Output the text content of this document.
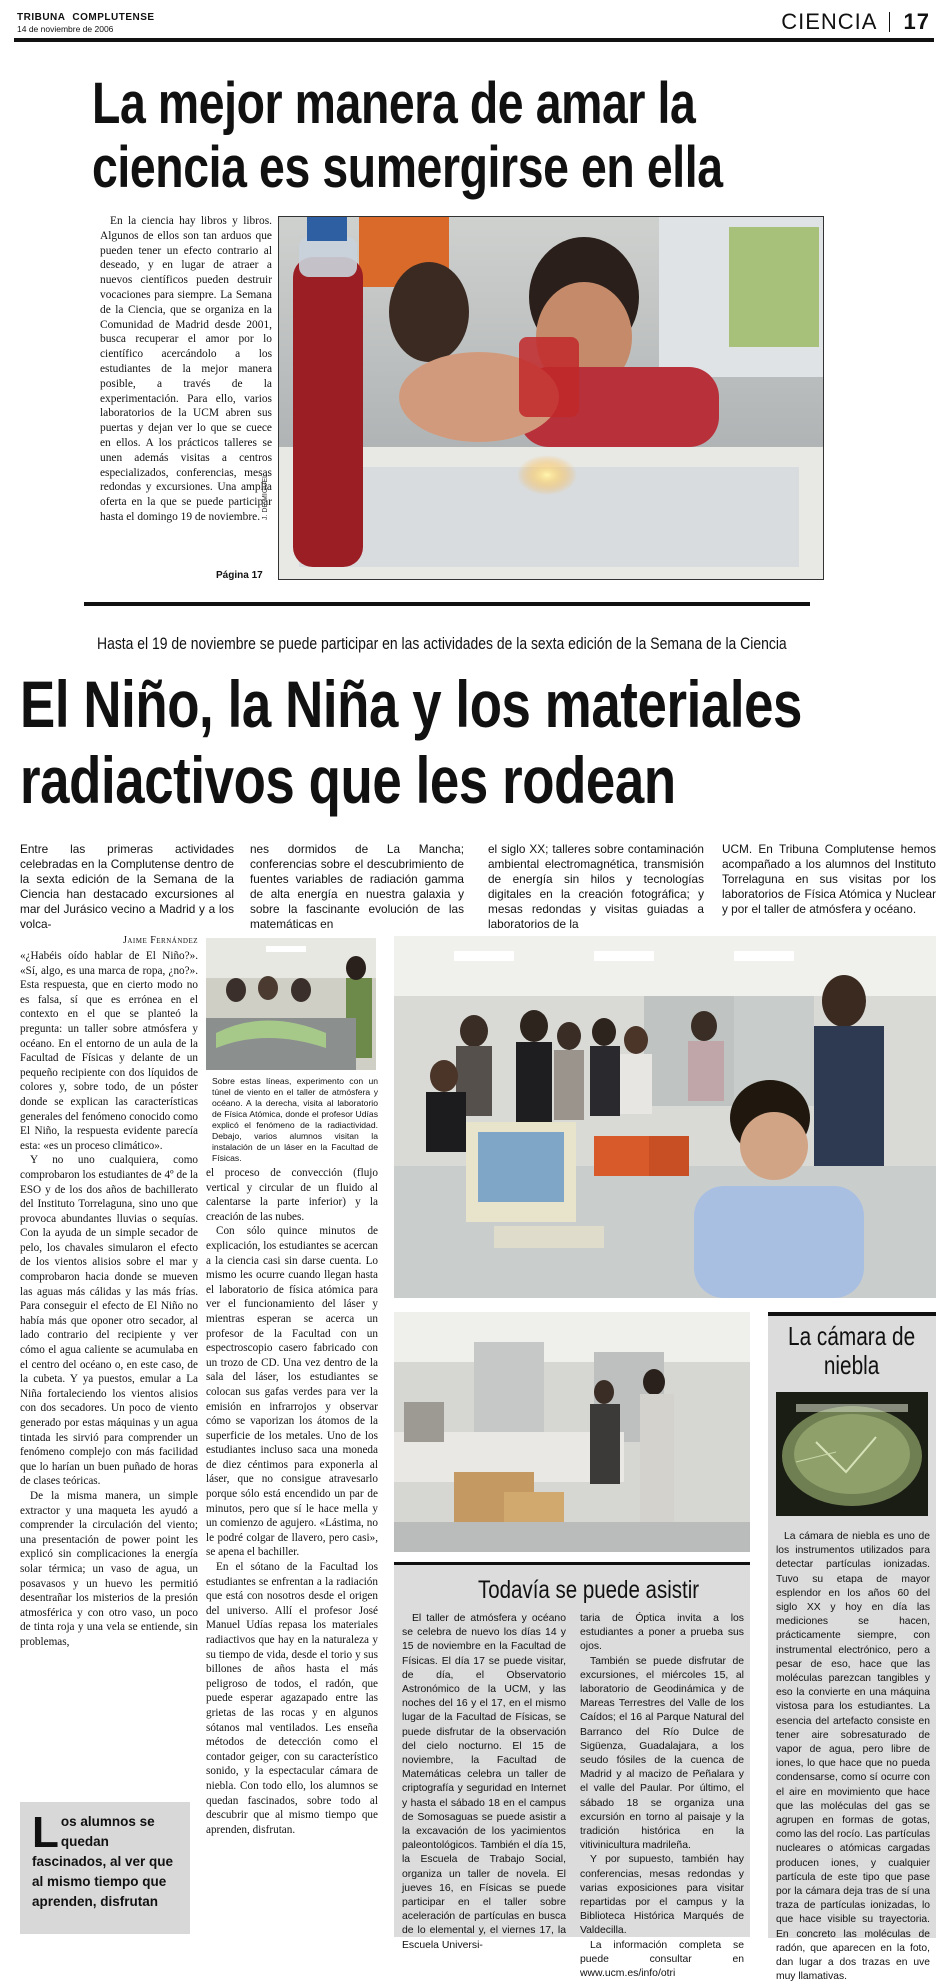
TRIBUNA COMPLUTENSE
14 de noviembre de 2006	CIENCIA 17
La mejor manera de amar la
ciencia es sumergirse en ella
En la ciencia hay libros y libros. Algunos de ellos son tan arduos que pueden tener un efecto contrario al deseado, y en lugar de atraer a nuevos científicos pueden destruir vocaciones para siempre. La Semana de la Ciencia, que se organiza en la Comunidad de Madrid desde 2001, busca recuperar el amor por lo científico acercándolo a los estudiantes de la mejor manera posible, a través de la experimentación. Para ello, varios laboratorios de la UCM abren sus puertas y dejan ver lo que se cuece en ellos. A los prácticos talleres se unen además visitas a centros especializados, conferencias, mesas redondas y excursiones. Una amplia oferta en la que se puede participar hasta el domingo 19 de noviembre.
Página 17
J. DE MIGUEL
Hasta el 19 de noviembre se puede participar en las actividades de la sexta edición de la Semana de la Ciencia
El Niño, la Niña y los materiales
radiactivos que les rodean
Entre las primeras actividades celebradas en la Complutense dentro de la sexta edición de la Semana de la Ciencia han destacado excursiones al mar del Jurásico vecino a Madrid y a los volca-
nes dormidos de La Mancha; conferencias sobre el descubrimiento de fuentes variables de radiación gamma de alta energía en nuestra galaxia y sobre la fascinante evolución de las matemáticas en
el siglo XX; talleres sobre contaminación ambiental electromagnética, transmisión de energía sin hilos y tecnologías digitales en la creación fotográfica; y mesas redondas y visitas guiadas a laboratorios de la
UCM. En Tribuna Complutense hemos acompañado a los alumnos del Instituto Torrelaguna en sus visitas por los laboratorios de Física Atómica y Nuclear y por el taller de atmósfera y océano.
Jaime Fernández

«¿Habéis oído hablar de El Niño?». «Sí, algo, es una marca de ropa, ¿no?». Esta respuesta, que en cierto modo no es falsa, sí que es errónea en el contexto en el que se planteó la pregunta: un taller sobre atmósfera y océano. En el entorno de un aula de la Facultad de Físicas y delante de un pequeño recipiente con dos líquidos de colores y, sobre todo, de un póster donde se explican las características generales del fenómeno conocido como El Niño, la respuesta evidente parecía esta: «es un proceso climático».

Y no uno cualquiera, como comprobaron los estudiantes de 4º de la ESO y de los dos años de bachillerato del Instituto Torrelaguna, sino uno que provoca abundantes lluvias o sequías. Con la ayuda de un simple secador de pelo, los chavales simularon el efecto de los vientos alisios sobre el mar y comprobaron hacia donde se mueven las aguas más cálidas y las más frías. Para conseguir el efecto de El Niño no había más que oponer otro secador, al lado contrario del recipiente y ver cómo el agua caliente se acumulaba en el centro del océano o, en este caso, de la cubeta. Y ya puestos, emular a La Niña fortaleciendo los vientos alisios con dos secadores. Un poco de viento generado por estas máquinas y un agua tintada les sirvió para comprender un fenómeno complejo con más facilidad que lo harían un buen puñado de horas de clases teóricas.

De la misma manera, un simple extractor y una maqueta les ayudó a comprender la circulación del viento; una presentación de power point les explicó sin complicaciones la energía solar térmica; un vaso de agua, un posavasos y un huevo les permitió desentrañar los misterios de la presión atmosférica y con otro vaso, un poco de tinta roja y una vela se entiende, sin problemas,

L os alumnos se quedan fascinados, al ver que al mismo tiempo que aprenden, disfrutan
Sobre estas líneas, experimento con un túnel de viento en el taller de atmósfera y océano. A la derecha, visita al laboratorio de Física Atómica, donde el profesor Udías explicó el fenómeno de la radiactividad. Debajo, varios alumnos visitan la instalación de un láser en la Facultad de Físicas.

el proceso de convección (flujo vertical y circular de un fluido al calentarse la parte inferior) y la creación de las nubes.

Con sólo quince minutos de explicación, los estudiantes se acercan a la ciencia casi sin darse cuenta. Lo mismo les ocurre cuando llegan hasta el laboratorio de física atómica para ver el funcionamiento del láser y mientras esperan se acerca un profesor de la Facultad con un espectroscopio casero fabricado con un trozo de CD. Una vez dentro de la sala del láser, los estudiantes se colocan sus gafas verdes para ver la emisión en infrarrojos y observar cómo se vaporizan los átomos de la superficie de los metales. Uno de los estudiantes incluso saca una moneda de diez céntimos para exponerla al láser, que no consigue atravesarlo porque sólo está encendido un par de minutos, pero que sí le hace mella y un comienzo de agujero. «Lástima, no le podré colgar de llavero, pero casi», se apena el bachiller.

En el sótano de la Facultad los estudiantes se enfrentan a la radiación que está con nosotros desde el origen del universo. Allí el profesor José Manuel Udías repasa los materiales radiactivos que hay en la naturaleza y su tiempo de vida, desde el torio y sus billones de años hasta el más peligroso de todos, el radón, que puede esperar agazapado entre las grietas de las rocas y en algunos sótanos mal ventilados. Les enseña métodos de detección como el contador geiger, con su característico sonido, y la espectacular cámara de niebla. Con todo ello, los alumnos se quedan fascinados, sobre todo al descubrir que al mismo tiempo que aprenden, disfrutan.

Todavía se puede asistir

El taller de atmósfera y océano se celebra de nuevo los días 14 y 15 de noviembre en la Facultad de Físicas. El día 17 se puede visitar, de día, el Observatorio Astronómico de la UCM, y las noches del 16 y el 17, en el mismo lugar de la Facultad de Físicas, se puede disfrutar de la observación del cielo nocturno. El 15 de noviembre, la Facultad de Matemáticas celebra un taller de criptografía y seguridad en Internet y hasta el sábado 18 en el campus de Somosaguas se puede asistir a la excavación de los yacimientos paleontológicos. También el día 15, la Escuela de Trabajo Social, organiza un taller de novela. El jueves 16, en Físicas se puede participar en el taller sobre aceleración de partículas en busca de lo elemental y, el viernes 17, la Escuela Universi-

taria de Óptica invita a los estudiantes a poner a prueba sus ojos.

También se puede disfrutar de excursiones, el miércoles 15, al laboratorio de Geodinámica y de Mareas Terrestres del Valle de los Caídos; el 16 al Parque Natural del Barranco del Río Dulce de Sigüenza, Guadalajara, a los seudo fósiles de la cuenca de Madrid y al macizo de Peñalara y el valle del Paular. Por último, el sábado 18 se organiza una excursión en torno al paisaje y la tradición histórica en la vitivinicultura madrileña.

Y por supuesto, también hay conferencias, mesas redondas y varias exposiciones para visitar repartidas por el campus y la Biblioteca Histórica Marqués de Valdecilla.

La información completa se puede consultar en www.ucm.es/info/otri

La cámara de
niebla
La cámara de niebla es uno de los instrumentos utilizados para detectar partículas ionizadas. Tuvo su etapa de mayor esplendor en los años 60 del siglo XX y hoy en día las mediciones se hacen, prácticamente siempre, con instrumental electrónico, pero a pesar de eso, hace que las moléculas parezcan tangibles y eso la convierte en una máquina vistosa para los estudiantes. La esencia del artefacto consiste en tener aire sobresaturado de vapor de agua, pero libre de iones, lo que hace que no pueda condensarse, como sí ocurre con el aire en movimiento que hace que las moléculas del gas se agrupen en formas de gotas, como las del rocío. Las partículas nucleares o atómicas cargadas producen iones, y cualquier partícula de este tipo que pase por la cámara deja tras de sí una traza de partículas ionizadas, lo que hace visible su trayectoria. En concreto las moléculas de radón, que aparecen en la foto, dan lugar a dos trazas en uve muy llamativas.
